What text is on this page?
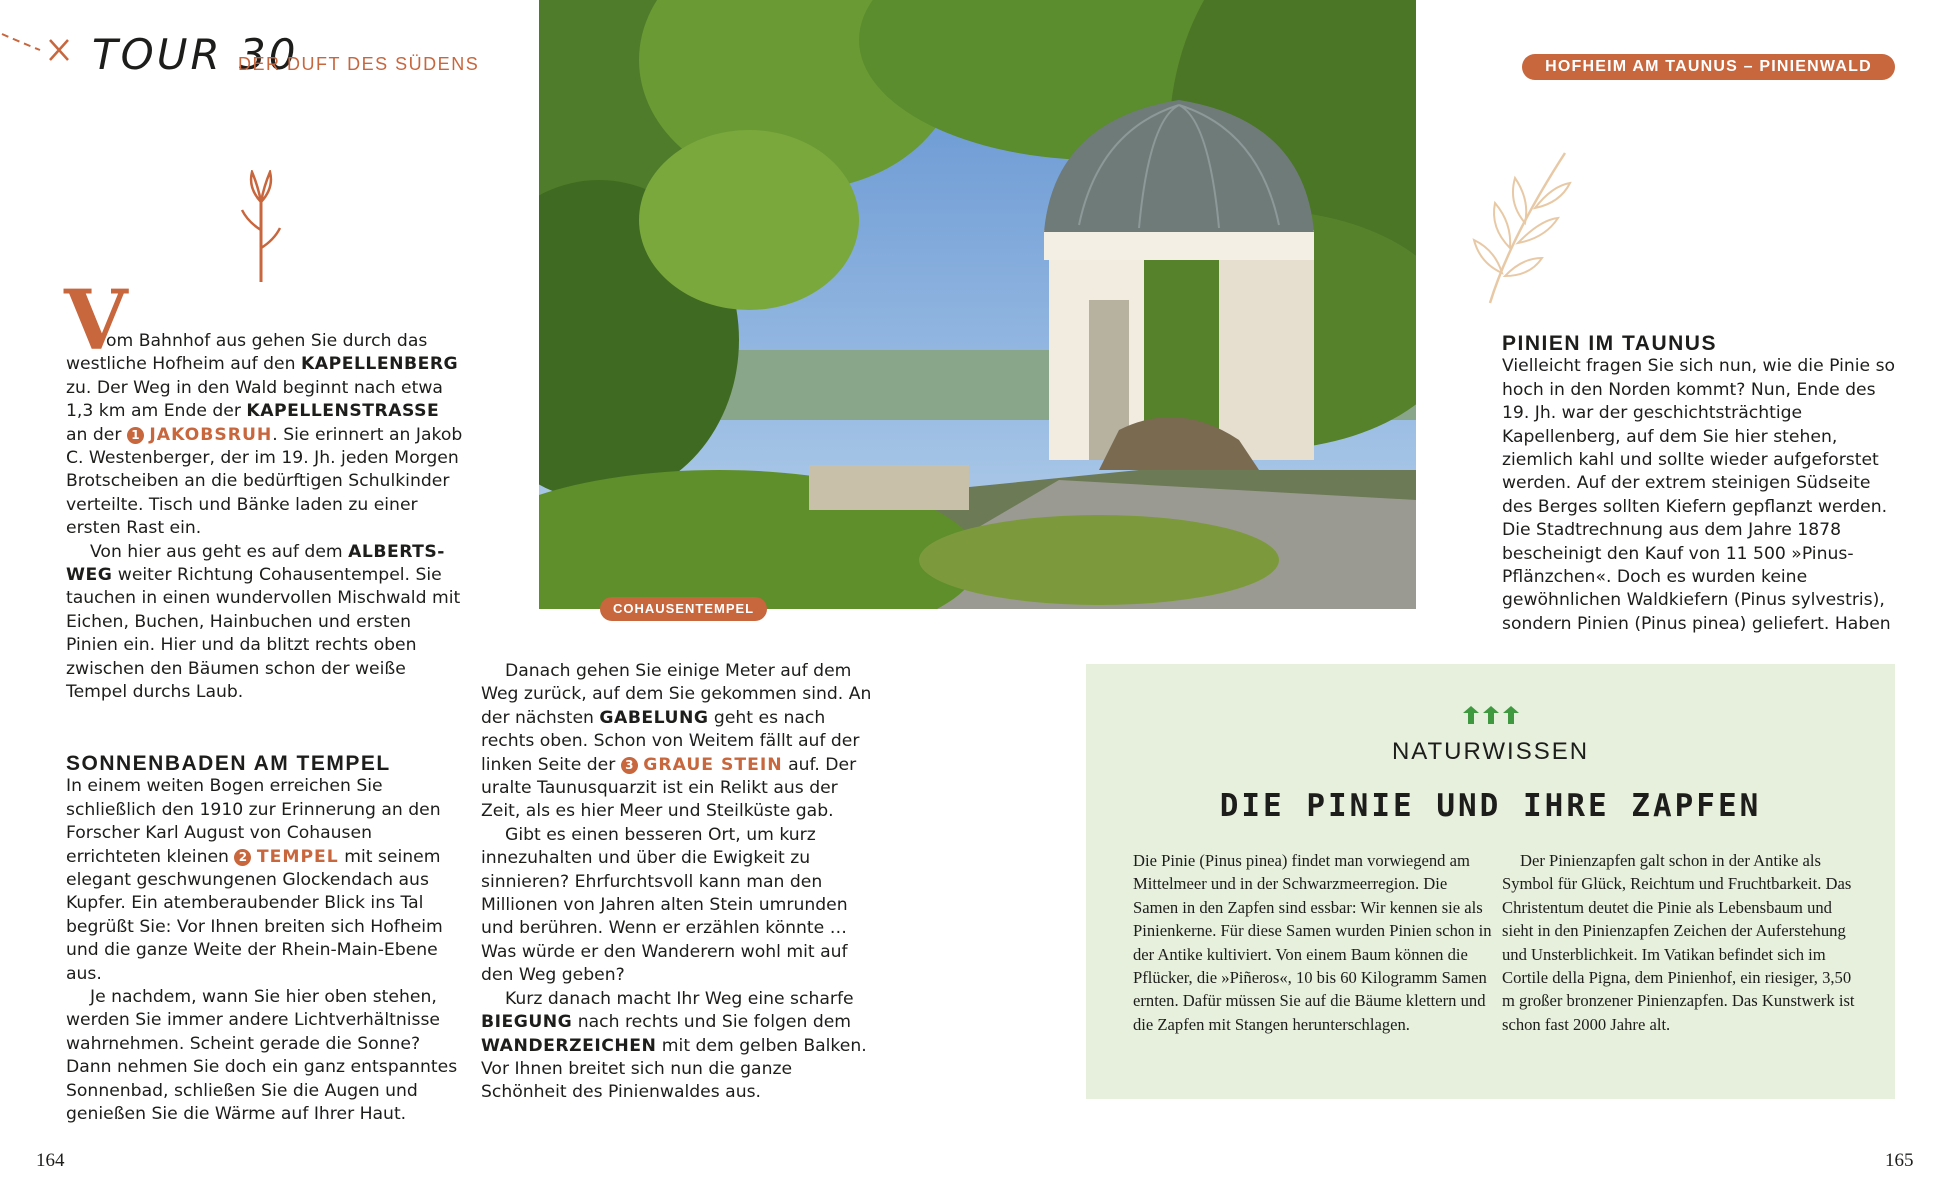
TOUR 30
DER DUFT DES SÜDENS	HOFHEIM AM TAUNUS – PINIENWALD
COHAUSENTEMPEL
V

om Bahnhof aus gehen Sie durch das westliche Hofheim auf den KAPELLENBERG zu. Der Weg in den Wald beginnt nach etwa 1,3 km am Ende der KAPELLENSTRASSE an der 1 JAKOBSRUH. Sie erinnert an Jakob C. Westenberger, der im 19. Jh. jeden Morgen Brotscheiben an die bedürftigen Schulkinder verteilte. Tisch und Bänke laden zu einer ersten Rast ein.

Von hier aus geht es auf dem ALBERTSWEG weiter Richtung Cohausentempel. Sie tauchen in einen wundervollen Mischwald mit Eichen, Buchen, Hainbuchen und ersten Pinien ein. Hier und da blitzt rechts oben zwischen den Bäumen schon der weiße Tempel durchs Laub.

SONNENBADEN AM TEMPEL

In einem weiten Bogen erreichen Sie schließlich den 1910 zur Erinnerung an den Forscher Karl August von Cohausen errichteten kleinen 2 TEMPEL mit seinem elegant geschwungenen Glockendach aus Kupfer. Ein atemberaubender Blick ins Tal begrüßt Sie: Vor Ihnen breiten sich Hofheim und die ganze Weite der Rhein-Main-Ebene aus.

Je nachdem, wann Sie hier oben stehen, werden Sie immer andere Lichtverhältnisse wahrnehmen. Scheint gerade die Sonne? Dann nehmen Sie doch ein ganz entspanntes Sonnenbad, schließen Sie die Augen und genießen Sie die Wärme auf Ihrer Haut.

Danach gehen Sie einige Meter auf dem Weg zurück, auf dem Sie gekommen sind. An der nächsten GABELUNG geht es nach rechts oben. Schon von Weitem fällt auf der linken Seite der 3 GRAUE STEIN auf. Der uralte Taunusquarzit ist ein Relikt aus der Zeit, als es hier Meer und Steilküste gab.

Gibt es einen besseren Ort, um kurz innezuhalten und über die Ewigkeit zu sinnieren? Ehrfurchtsvoll kann man den Millionen von Jahren alten Stein umrunden und berühren. Wenn er erzählen könnte … Was würde er den Wanderern wohl mit auf den Weg geben?

Kurz danach macht Ihr Weg eine scharfe BIEGUNG nach rechts und Sie folgen dem WANDERZEICHEN mit dem gelben Balken. Vor Ihnen breitet sich nun die ganze Schönheit des Pinienwaldes aus.

PINIEN IM TAUNUS

Vielleicht fragen Sie sich nun, wie die Pinie so hoch in den Norden kommt? Nun, Ende des 19. Jh. war der geschichtsträchtige Kapellenberg, auf dem Sie hier stehen, ziemlich kahl und sollte wieder aufgeforstet werden. Auf der extrem steinigen Südseite des Berges sollten Kiefern gepflanzt werden. Die Stadtrechnung aus dem Jahre 1878 bescheinigt den Kauf von 11 500 »Pinus-Pflänzchen«. Doch es wurden keine gewöhnlichen Waldkiefern (Pinus sylvestris), sondern Pinien (Pinus pinea) geliefert. Haben

NATURWISSEN
DIE PINIE UND IHRE ZAPFEN

Die Pinie (Pinus pinea) findet man vorwiegend am Mittelmeer und in der Schwarzmeerregion. Die Samen in den Zapfen sind essbar: Wir kennen sie als Pinienkerne. Für diese Samen wurden Pinien schon in der Antike kultiviert. Von einem Baum können die Pflücker, die »Piñeros«, 10 bis 60 Kilogramm Samen ernten. Dafür müssen Sie auf die Bäume klettern und die Zapfen mit Stangen herunterschlagen.

Der Pinienzapfen galt schon in der Antike als Symbol für Glück, Reichtum und Fruchtbarkeit. Das Christentum deutet die Pinie als Lebensbaum und sieht in den Pinienzapfen Zeichen der Auferstehung und Unsterblichkeit. Im Vatikan befindet sich im Cortile della Pigna, dem Pinienhof, ein riesiger, 3,50 m großer bronzener Pinienzapfen. Das Kunstwerk ist schon fast 2000 Jahre alt.

164	165
